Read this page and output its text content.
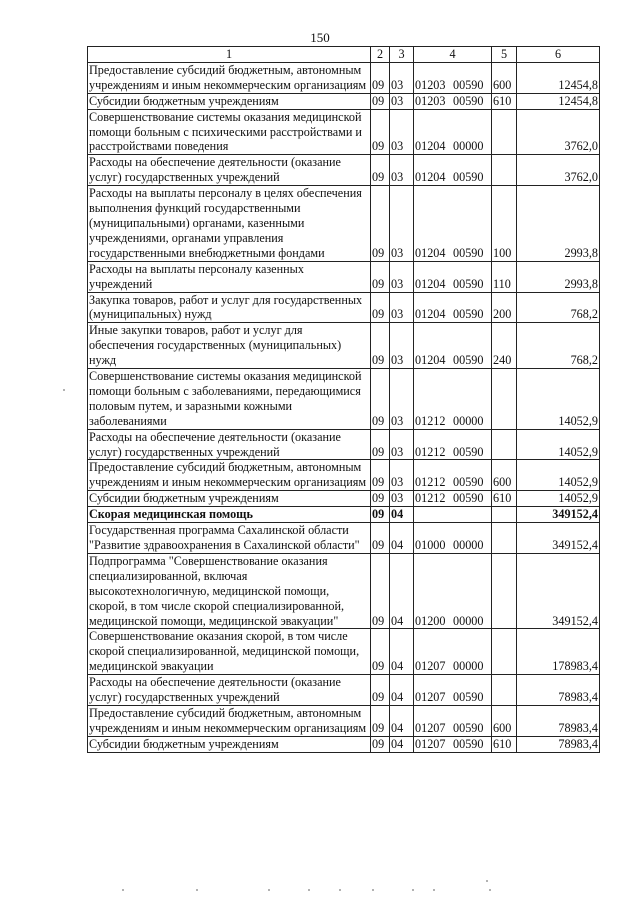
150
1	2	3	4	5	6
Предоставление субсидий бюджетным, автономным учреждениям и иным некоммерческим организациям	09	03	01203 00590	600	12454,8
Субсидии бюджетным учреждениям	09	03	01203 00590	610	12454,8
Совершенствование системы оказания медицинской помощи больным с психическими расстройствами и расстройствами поведения	09	03	01204 00000		3762,0
Расходы на обеспечение деятельности (оказание услуг) государственных учреждений	09	03	01204 00590		3762,0
Расходы на выплаты персоналу в целях обеспечения выполнения функций государственными (муниципальными) органами, казенными учреждениями, органами управления государственными внебюджетными фондами	09	03	01204 00590	100	2993,8
Расходы на выплаты персоналу казенных учреждений	09	03	01204 00590	110	2993,8
Закупка товаров, работ и услуг для государственных (муниципальных) нужд	09	03	01204 00590	200	768,2
Иные закупки товаров, работ и услуг для обеспечения государственных (муниципальных) нужд	09	03	01204 00590	240	768,2
Совершенствование системы оказания медицинской помощи больным с заболеваниями, передающимися половым путем, и заразными кожными заболеваниями	09	03	01212 00000		14052,9
Расходы на обеспечение деятельности (оказание услуг) государственных учреждений	09	03	01212 00590		14052,9
Предоставление субсидий бюджетным, автономным учреждениям и иным некоммерческим организациям	09	03	01212 00590	600	14052,9
Субсидии бюджетным учреждениям	09	03	01212 00590	610	14052,9
Скорая медицинская помощь	09	04			349152,4
Государственная программа Сахалинской области "Развитие здравоохранения в Сахалинской области"	09	04	01000 00000		349152,4
Подпрограмма "Совершенствование оказания специализированной, включая высокотехнологичную, медицинской помощи, скорой, в том числе скорой специализированной, медицинской помощи, медицинской эвакуации"	09	04	01200 00000		349152,4
Совершенствование оказания скорой, в том числе скорой специализированной, медицинской помощи, медицинской эвакуации	09	04	01207 00000		178983,4
Расходы на обеспечение деятельности (оказание услуг) государственных учреждений	09	04	01207 00590		78983,4
Предоставление субсидий бюджетным, автономным учреждениям и иным некоммерческим организациям	09	04	01207 00590	600	78983,4
Субсидии бюджетным учреждениям	09	04	01207 00590	610	78983,4
